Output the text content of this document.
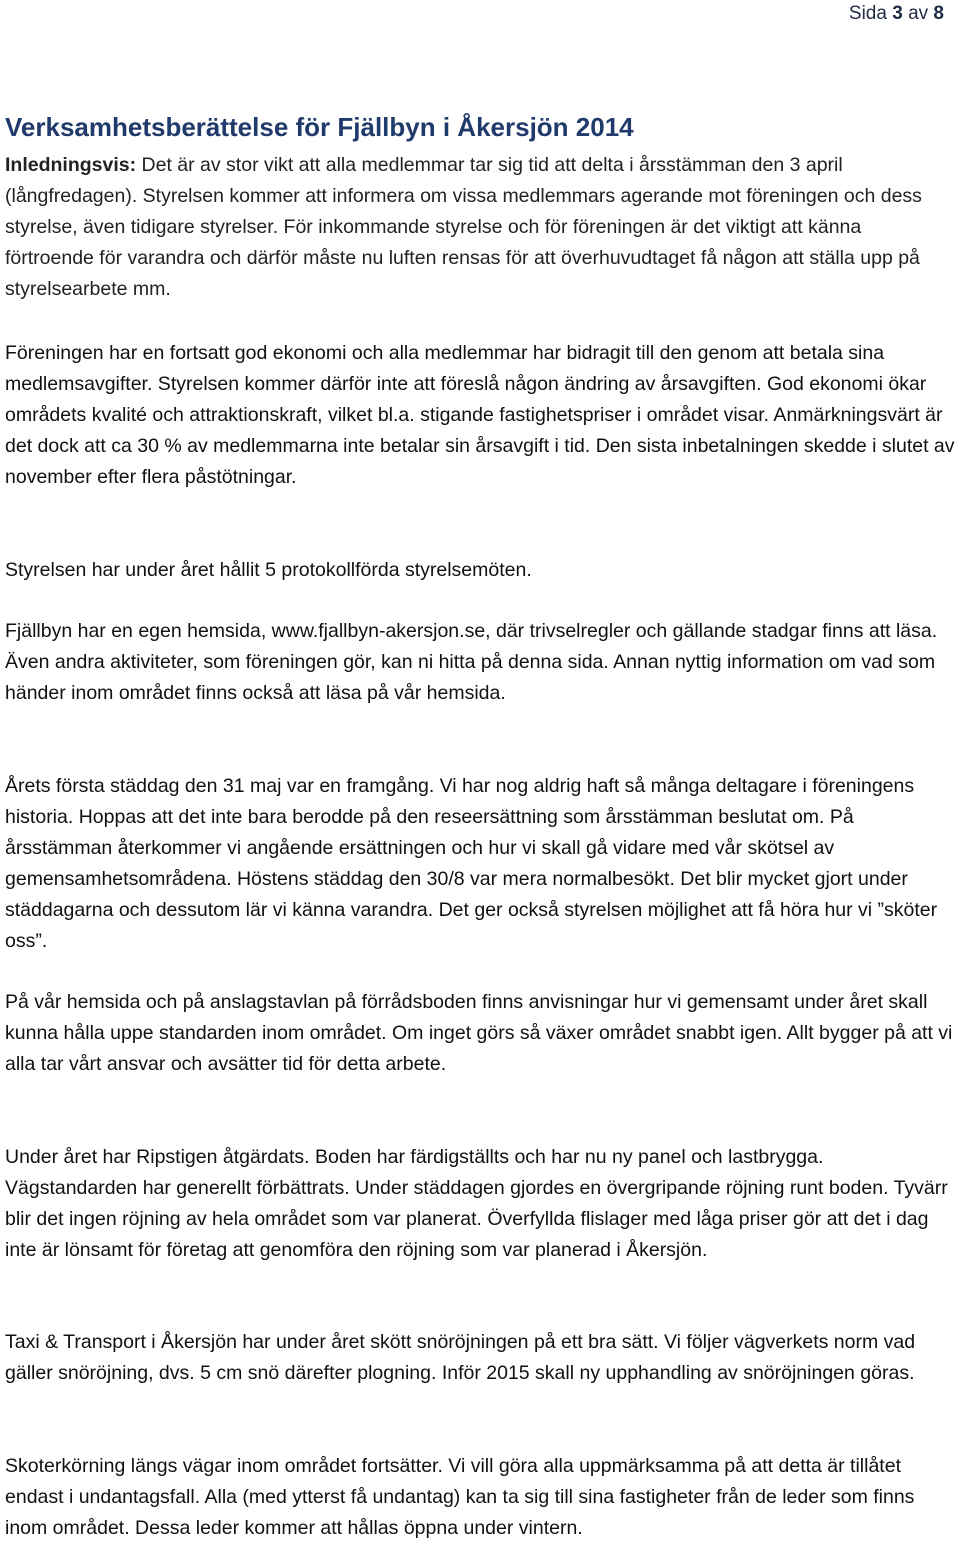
Sida 3 av 8
Verksamhetsberättelse för Fjällbyn i Åkersjön 2014

Inledningsvis: Det är av stor vikt att alla medlemmar tar sig tid att delta i årsstämman den 3 april (långfredagen). Styrelsen kommer att informera om vissa medlemmars agerande mot föreningen och dess styrelse, även tidigare styrelser. För inkommande styrelse och för föreningen är det viktigt att känna förtroende för varandra och därför måste nu luften rensas för att överhuvudtaget få någon att ställa upp på styrelsearbete mm.

Föreningen har en fortsatt god ekonomi och alla medlemmar har bidragit till den genom att betala sina medlemsavgifter. Styrelsen kommer därför inte att föreslå någon ändring av årsavgiften. God ekonomi ökar områdets kvalité och attraktionskraft, vilket bl.a. stigande fastighetspriser i området visar. Anmärkningsvärt är det dock att ca 30 % av medlemmarna inte betalar sin årsavgift i tid. Den sista inbetalningen skedde i slutet av november efter flera påstötningar.

Styrelsen har under året hållit 5 protokollförda styrelsemöten.

Fjällbyn har en egen hemsida, www.fjallbyn-akersjon.se, där trivselregler och gällande stadgar finns att läsa. Även andra aktiviteter, som föreningen gör, kan ni hitta på denna sida. Annan nyttig information om vad som händer inom området finns också att läsa på vår hemsida.

Årets första städdag den 31 maj var en framgång. Vi har nog aldrig haft så många deltagare i föreningens historia. Hoppas att det inte bara berodde på den reseersättning som årsstämman beslutat om. På årsstämman återkommer vi angående ersättningen och hur vi skall gå vidare med vår skötsel av gemensamhetsområdena. Höstens städdag den 30/8 var mera normalbesökt. Det blir mycket gjort under städdagarna och dessutom lär vi känna varandra. Det ger också styrelsen möjlighet att få höra hur vi ”sköter oss”.

På vår hemsida och på anslagstavlan på förrådsboden finns anvisningar hur vi gemensamt under året skall kunna hålla uppe standarden inom området. Om inget görs så växer området snabbt igen. Allt bygger på att vi alla tar vårt ansvar och avsätter tid för detta arbete.

Under året har Ripstigen åtgärdats. Boden har färdigställts och har nu ny panel och lastbrygga. Vägstandarden har generellt förbättrats. Under städdagen gjordes en övergripande röjning runt boden. Tyvärr blir det ingen röjning av hela området som var planerat. Överfyllda flislager med låga priser gör att det i dag inte är lönsamt för företag att genomföra den röjning som var planerad i Åkersjön.

Taxi & Transport i Åkersjön har under året skött snöröjningen på ett bra sätt. Vi följer vägverkets norm vad gäller snöröjning, dvs. 5 cm snö därefter plogning. Inför 2015 skall ny upphandling av snöröjningen göras.

Skoterkörning längs vägar inom området fortsätter. Vi vill göra alla uppmärksamma på att detta är tillåtet endast i undantagsfall. Alla (med ytterst få undantag) kan ta sig till sina fastigheter från de leder som finns inom området. Dessa leder kommer att hållas öppna under vintern.
